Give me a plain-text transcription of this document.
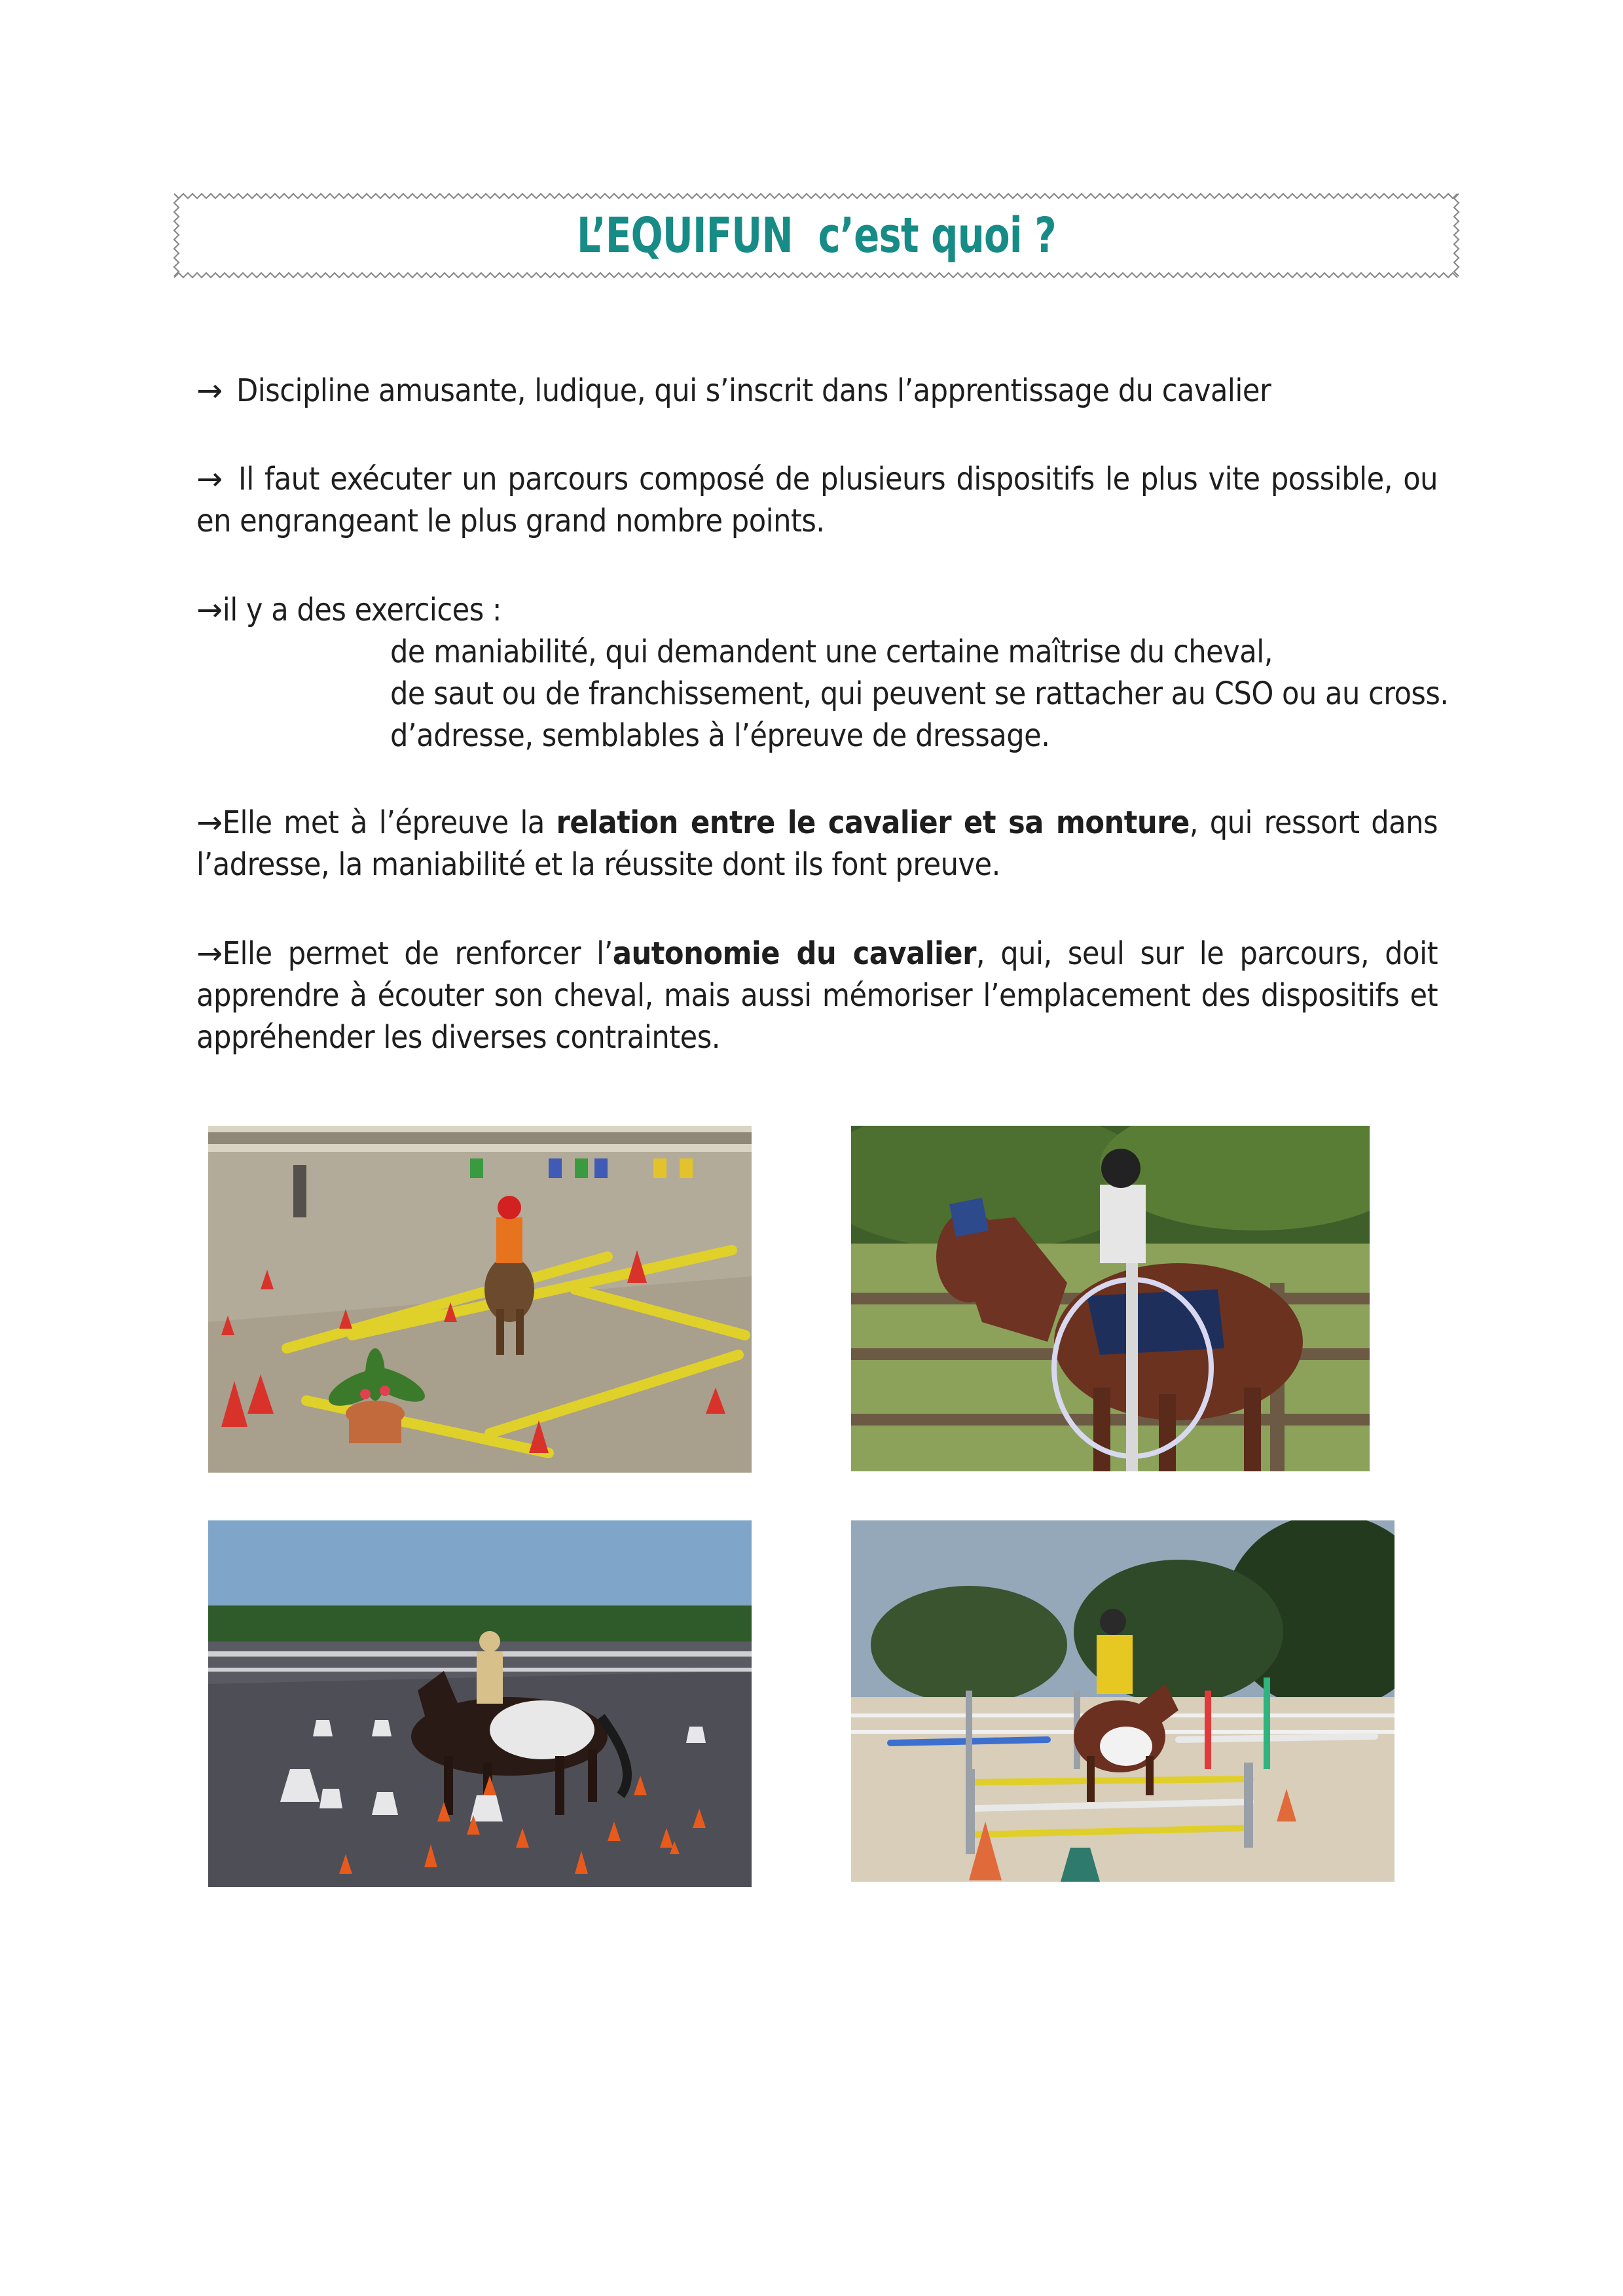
L’EQUIFUN  c’est quoi ?
→ Discipline amusante, ludique, qui s’inscrit dans l’apprentissage du cavalier
→ Il faut exécuter un parcours composé de plusieurs dispositifs le plus vite possible, ou
en engrangeant le plus grand nombre points.
→il y a des exercices :
de maniabilité, qui demandent une certaine maîtrise du cheval,
de saut ou de franchissement, qui peuvent se rattacher au CSO ou au cross.
d’adresse, semblables à l’épreuve de dressage.
→Elle met à l’épreuve la relation entre le cavalier et sa monture, qui ressort dans l’adresse, la maniabilité et la réussite dont ils font preuve.
→Elle permet de renforcer l’autonomie du cavalier, qui, seul sur le parcours, doit apprendre à écouter son cheval, mais aussi mémoriser l’emplacement des dispositifs et appréhender les diverses contraintes.
